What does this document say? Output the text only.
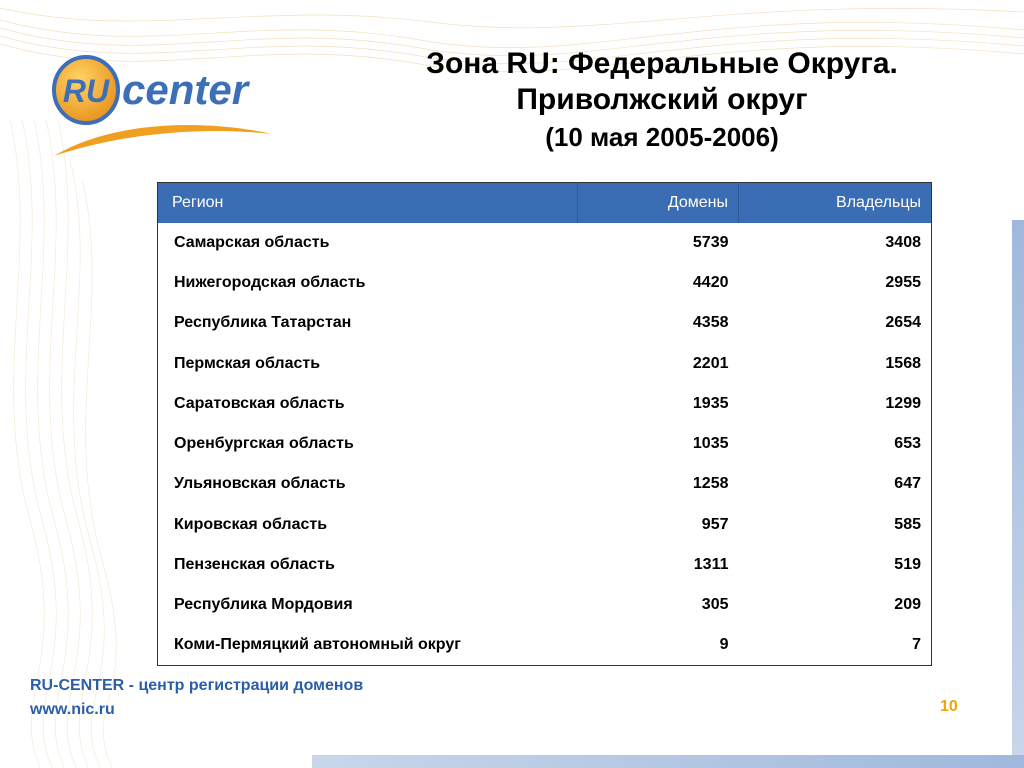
RU center
Зона RU: Федеральные Округа.
Приволжский округ
(10 мая 2005-2006)
Регион	Домены	Владельцы
Самарская область	5739	3408
Нижегородская область	4420	2955
Республика Татарстан	4358	2654
Пермская область	2201	1568
Саратовская область	1935	1299
Оренбургская область	1035	653
Ульяновская область	1258	647
Кировская область	957	585
Пензенская область	1311	519
Республика Мордовия	305	209
Коми-Пермяцкий автономный округ	9	7
RU-CENTER - центр регистрации доменов
www.nic.ru	10
